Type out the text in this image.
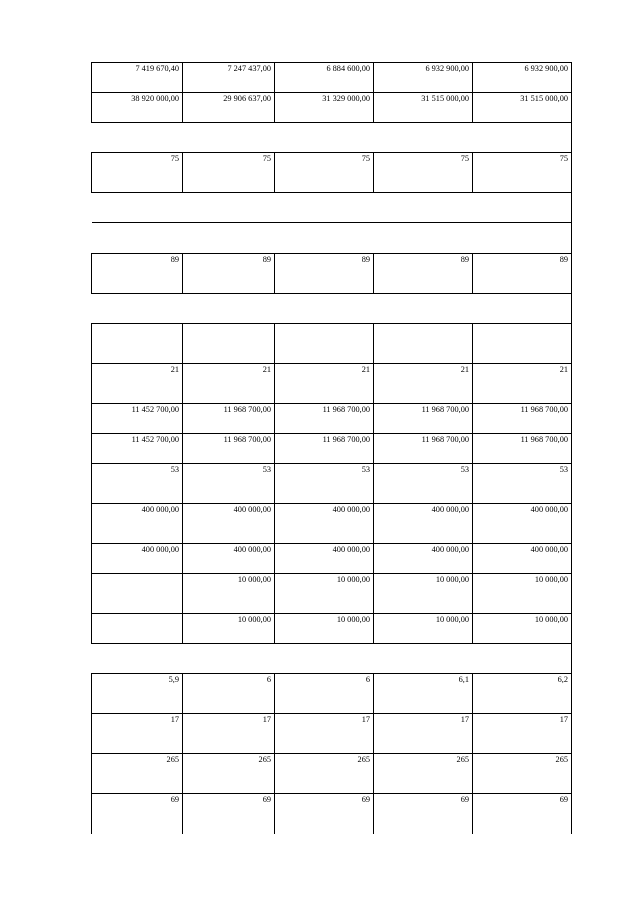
7 419 670,40	7 247 437,00	6 884 600,00	6 932 900,00	6 932 900,00
38 920 000,00	29 906 637,00	31 329 000,00	31 515 000,00	31 515 000,00

75	75	75	75	75

89	89	89	89	89

21	21	21	21	21
11 452 700,00	11 968 700,00	11 968 700,00	11 968 700,00	11 968 700,00
11 452 700,00	11 968 700,00	11 968 700,00	11 968 700,00	11 968 700,00
53	53	53	53	53
400 000,00	400 000,00	400 000,00	400 000,00	400 000,00
400 000,00	400 000,00	400 000,00	400 000,00	400 000,00
	10 000,00	10 000,00	10 000,00	10 000,00
	10 000,00	10 000,00	10 000,00	10 000,00

5,9	6	6	6,1	6,2
17	17	17	17	17
265	265	265	265	265
69	69	69	69	69
